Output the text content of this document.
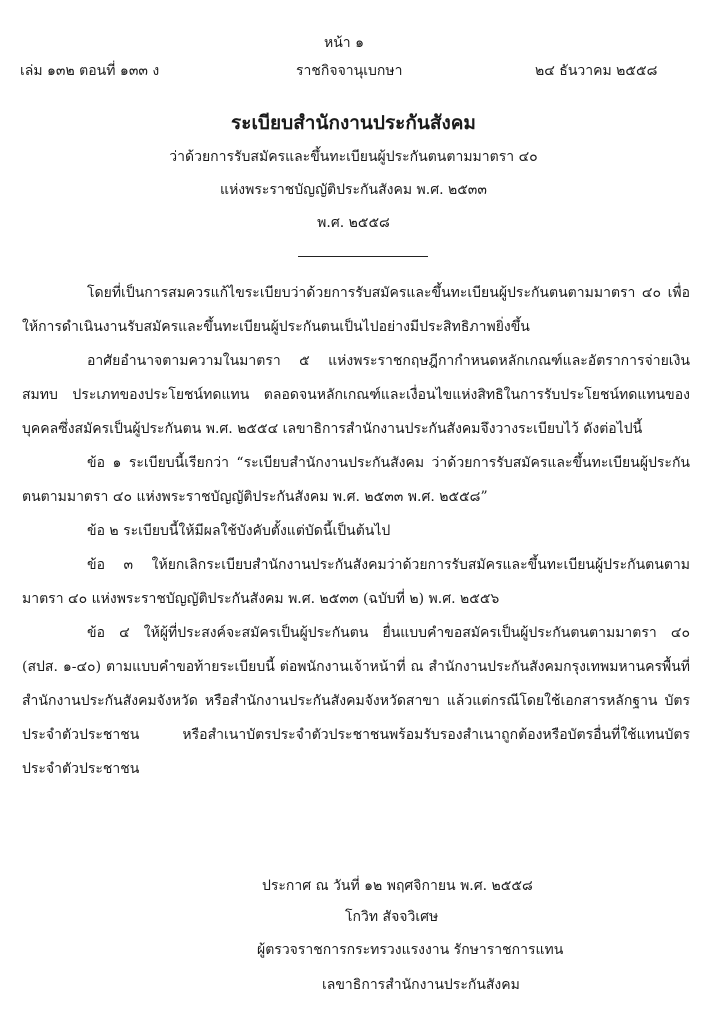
หน้า ๑
เล่ม ๑๓๒ ตอนที่ ๑๓๓ ง	ราชกิจจานุเบกษา	๒๔ ธันวาคม ๒๕๕๘
ระเบียบสำนักงานประกันสังคม
ว่าด้วยการรับสมัครและขึ้นทะเบียนผู้ประกันตนตามมาตรา ๔๐
แห่งพระราชบัญญัติประกันสังคม พ.ศ. ๒๕๓๓
พ.ศ. ๒๕๕๘

โดยที่เป็นการสมควรแก้ไขระเบียบว่าด้วยการรับสมัครและขึ้นทะเบียนผู้ประกันตนตามมาตรา ๔๐ เพื่อให้การดำเนินงานรับสมัครและขึ้นทะเบียนผู้ประกันตนเป็นไปอย่างมีประสิทธิภาพยิ่งขึ้น

อาศัยอำนาจตามความในมาตรา ๕ แห่งพระราชกฤษฎีกากำหนดหลักเกณฑ์และอัตราการจ่ายเงินสมทบ ประเภทของประโยชน์ทดแทน ตลอดจนหลักเกณฑ์และเงื่อนไขแห่งสิทธิในการรับประโยชน์ทดแทนของบุคคลซึ่งสมัครเป็นผู้ประกันตน พ.ศ. ๒๕๕๔ เลขาธิการสำนักงานประกันสังคมจึงวางระเบียบไว้ ดังต่อไปนี้

ข้อ ๑ ระเบียบนี้เรียกว่า “ระเบียบสำนักงานประกันสังคม ว่าด้วยการรับสมัครและขึ้นทะเบียนผู้ประกันตนตามมาตรา ๔๐ แห่งพระราชบัญญัติประกันสังคม พ.ศ. ๒๕๓๓ พ.ศ. ๒๕๕๘”

ข้อ ๒ ระเบียบนี้ให้มีผลใช้บังคับตั้งแต่บัดนี้เป็นต้นไป

ข้อ ๓ ให้ยกเลิกระเบียบสำนักงานประกันสังคมว่าด้วยการรับสมัครและขึ้นทะเบียนผู้ประกันตนตามมาตรา ๔๐ แห่งพระราชบัญญัติประกันสังคม พ.ศ. ๒๕๓๓ (ฉบับที่ ๒) พ.ศ. ๒๕๕๖

ข้อ ๔ ให้ผู้ที่ประสงค์จะสมัครเป็นผู้ประกันตน ยื่นแบบคำขอสมัครเป็นผู้ประกันตนตามมาตรา ๔๐ (สปส. ๑-๔๐) ตามแบบคำขอท้ายระเบียบนี้ ต่อพนักงานเจ้าหน้าที่ ณ สำนักงานประกันสังคมกรุงเทพมหานครพื้นที่ สำนักงานประกันสังคมจังหวัด หรือสำนักงานประกันสังคมจังหวัดสาขา แล้วแต่กรณีโดยใช้เอกสารหลักฐาน บัตรประจำตัวประชาชน หรือสำเนาบัตรประจำตัวประชาชนพร้อมรับรองสำเนาถูกต้องหรือบัตรอื่นที่ใช้แทนบัตรประจำตัวประชาชน

ประกาศ ณ วันที่ ๑๒ พฤศจิกายน พ.ศ. ๒๕๕๘
โกวิท สัจจวิเศษ
ผู้ตรวจราชการกระทรวงแรงงาน รักษาราชการแทน
เลขาธิการสำนักงานประกันสังคม
